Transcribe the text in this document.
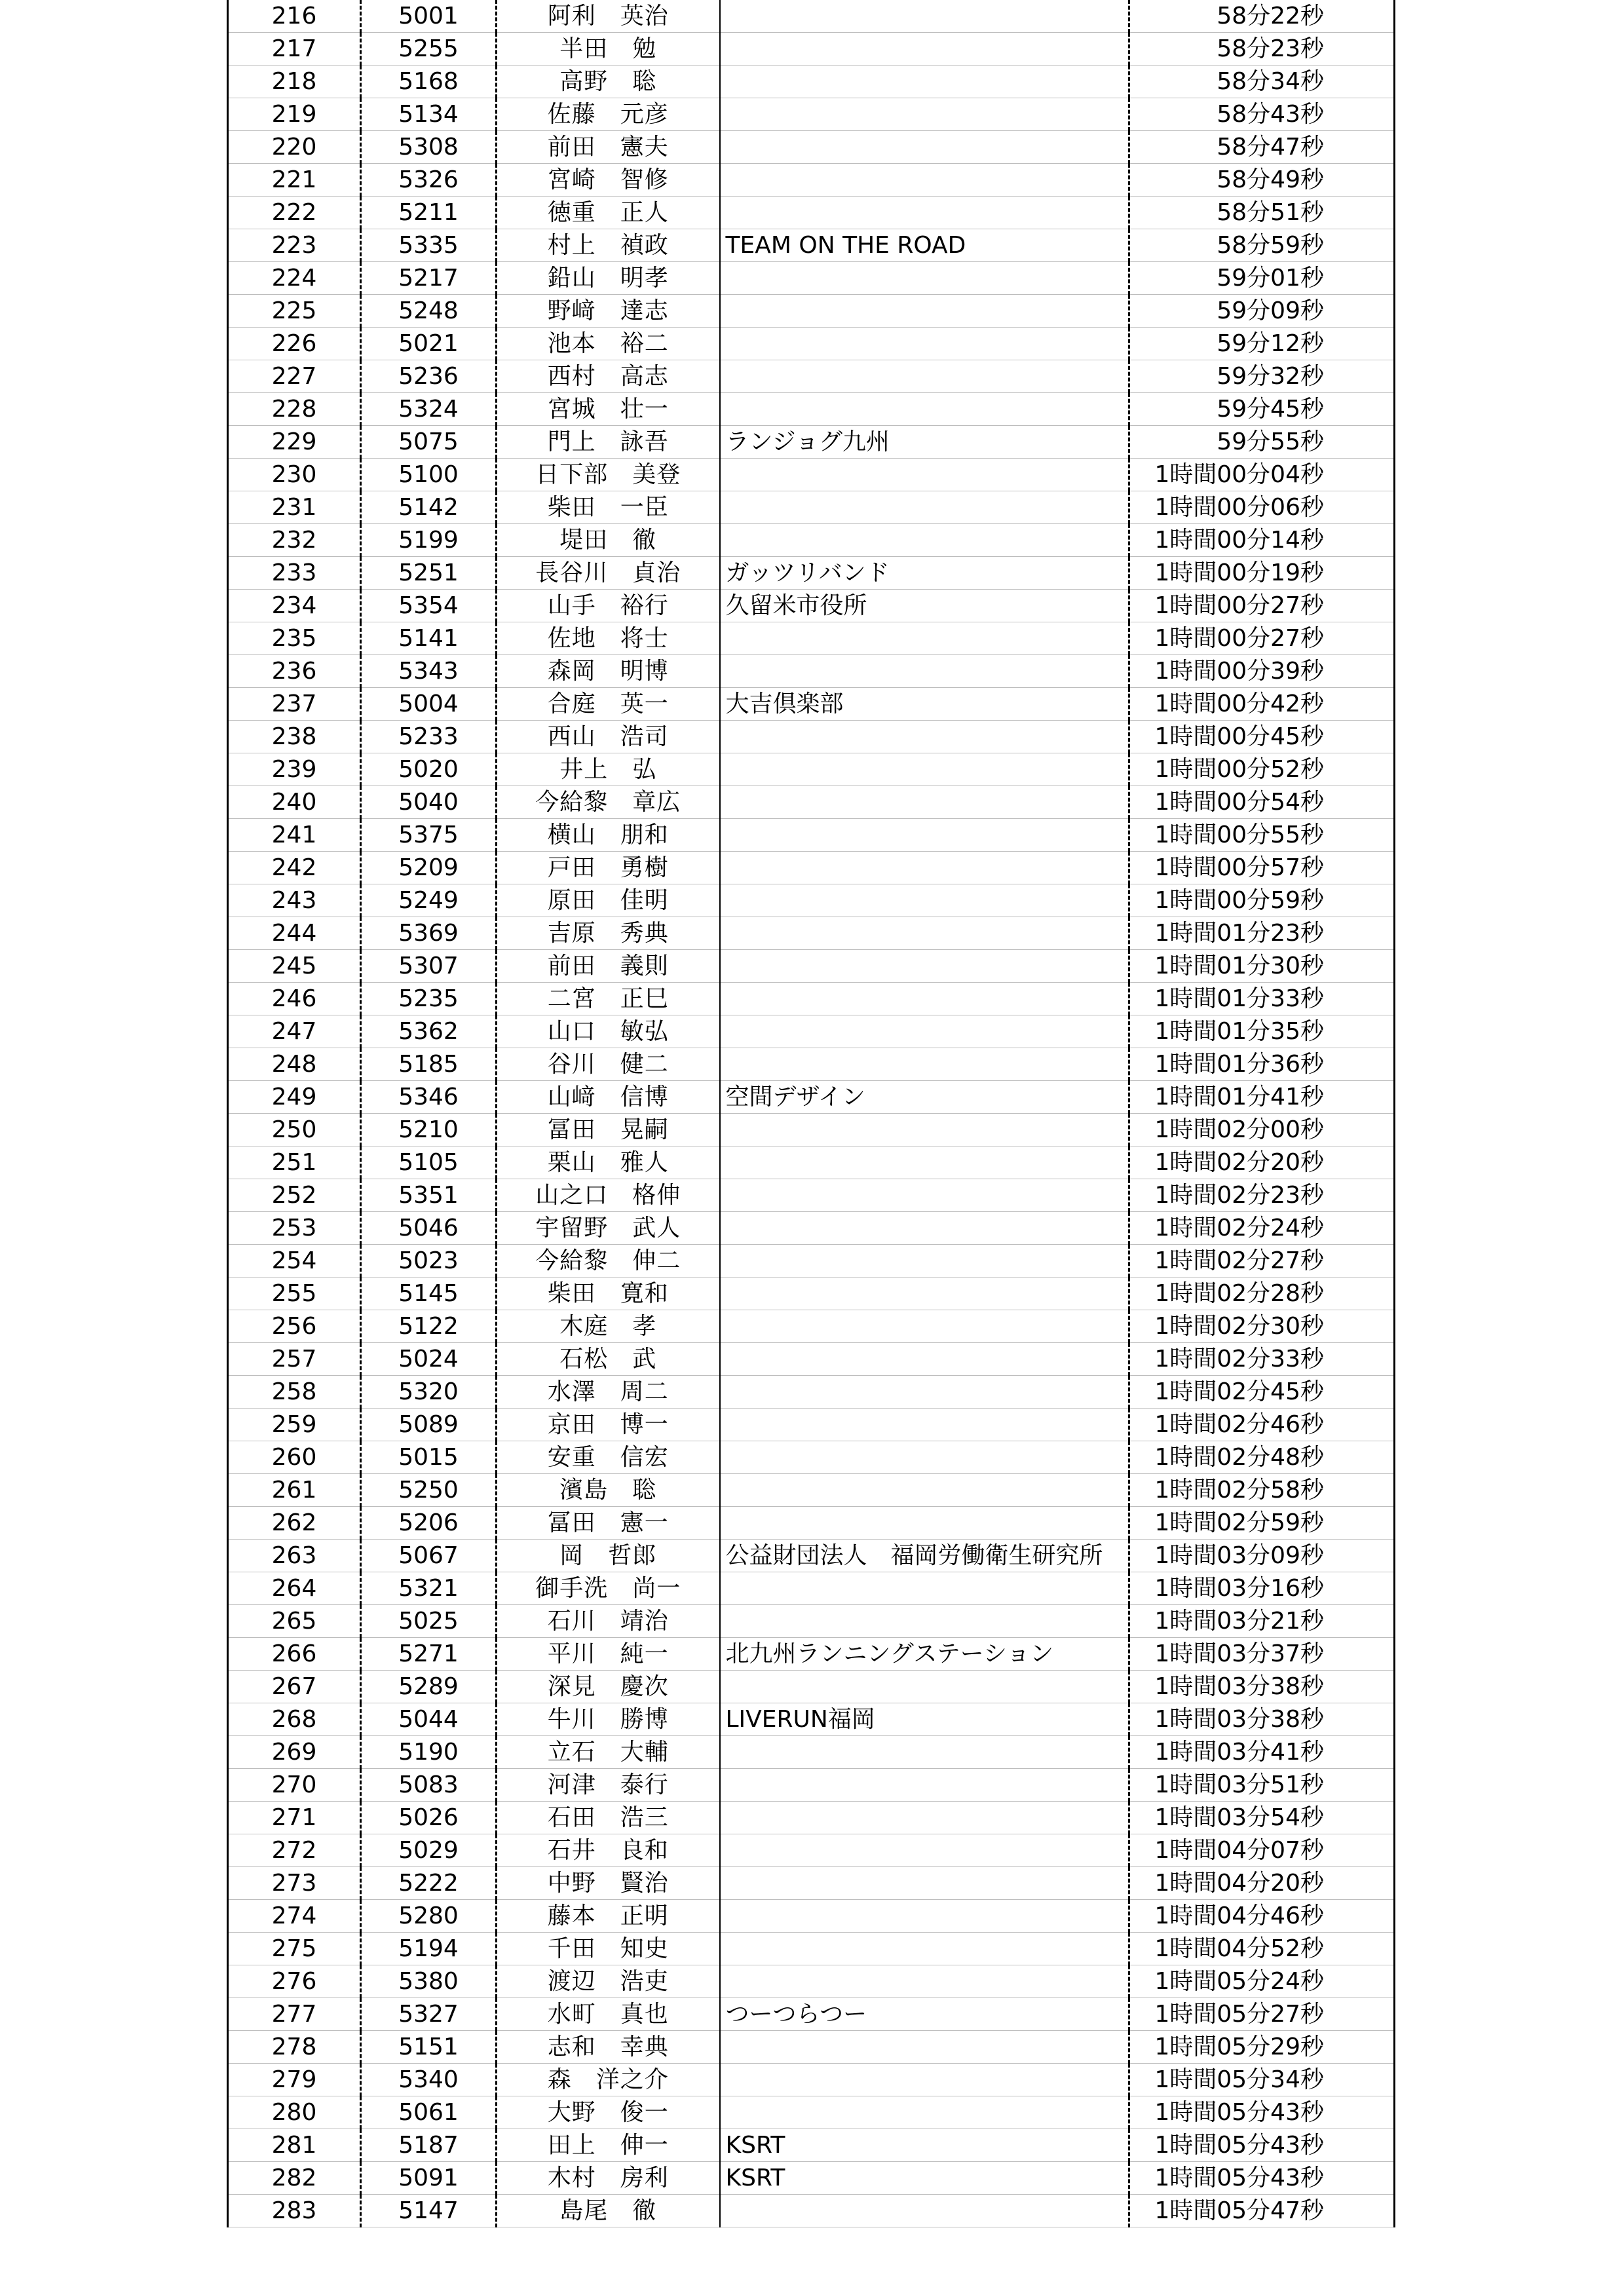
216	5001	阿利　英治		58分22秒
217	5255	半田　勉		58分23秒
218	5168	高野　聡		58分34秒
219	5134	佐藤　元彦		58分43秒
220	5308	前田　憲夫		58分47秒
221	5326	宮崎　智修		58分49秒
222	5211	徳重　正人		58分51秒
223	5335	村上　禎政	TEAM ON THE ROAD	58分59秒
224	5217	鉛山　明孝		59分01秒
225	5248	野﨑　達志		59分09秒
226	5021	池本　裕二		59分12秒
227	5236	西村　高志		59分32秒
228	5324	宮城　壮一		59分45秒
229	5075	門上　詠吾	ランジョグ九州	59分55秒
230	5100	日下部　美登		1時間00分04秒
231	5142	柴田　一臣		1時間00分06秒
232	5199	堤田　徹		1時間00分14秒
233	5251	長谷川　貞治	ガッツリバンド	1時間00分19秒
234	5354	山手　裕行	久留米市役所	1時間00分27秒
235	5141	佐地　将士		1時間00分27秒
236	5343	森岡　明博		1時間00分39秒
237	5004	合庭　英一	大吉倶楽部	1時間00分42秒
238	5233	西山　浩司		1時間00分45秒
239	5020	井上　弘		1時間00分52秒
240	5040	今給黎　章広		1時間00分54秒
241	5375	横山　朋和		1時間00分55秒
242	5209	戸田　勇樹		1時間00分57秒
243	5249	原田　佳明		1時間00分59秒
244	5369	吉原　秀典		1時間01分23秒
245	5307	前田　義則		1時間01分30秒
246	5235	二宮　正巳		1時間01分33秒
247	5362	山口　敏弘		1時間01分35秒
248	5185	谷川　健二		1時間01分36秒
249	5346	山﨑　信博	空間デザイン	1時間01分41秒
250	5210	冨田　晃嗣		1時間02分00秒
251	5105	栗山　雅人		1時間02分20秒
252	5351	山之口　格伸		1時間02分23秒
253	5046	宇留野　武人		1時間02分24秒
254	5023	今給黎　伸二		1時間02分27秒
255	5145	柴田　寛和		1時間02分28秒
256	5122	木庭　孝		1時間02分30秒
257	5024	石松　武		1時間02分33秒
258	5320	水澤　周二		1時間02分45秒
259	5089	京田　博一		1時間02分46秒
260	5015	安重　信宏		1時間02分48秒
261	5250	濱島　聡		1時間02分58秒
262	5206	冨田　憲一		1時間02分59秒
263	5067	岡　哲郎	公益財団法人　福岡労働衛生研究所	1時間03分09秒
264	5321	御手洗　尚一		1時間03分16秒
265	5025	石川　靖治		1時間03分21秒
266	5271	平川　純一	北九州ランニングステーション	1時間03分37秒
267	5289	深見　慶次		1時間03分38秒
268	5044	牛川　勝博	LIVERUN福岡	1時間03分38秒
269	5190	立石　大輔		1時間03分41秒
270	5083	河津　泰行		1時間03分51秒
271	5026	石田　浩三		1時間03分54秒
272	5029	石井　良和		1時間04分07秒
273	5222	中野　賢治		1時間04分20秒
274	5280	藤本　正明		1時間04分46秒
275	5194	千田　知史		1時間04分52秒
276	5380	渡辺　浩吏		1時間05分24秒
277	5327	水町　真也	つーつらつー	1時間05分27秒
278	5151	志和　幸典		1時間05分29秒
279	5340	森　洋之介		1時間05分34秒
280	5061	大野　俊一		1時間05分43秒
281	5187	田上　伸一	KSRT	1時間05分43秒
282	5091	木村　房利	KSRT	1時間05分43秒
283	5147	島尾　徹		1時間05分47秒
